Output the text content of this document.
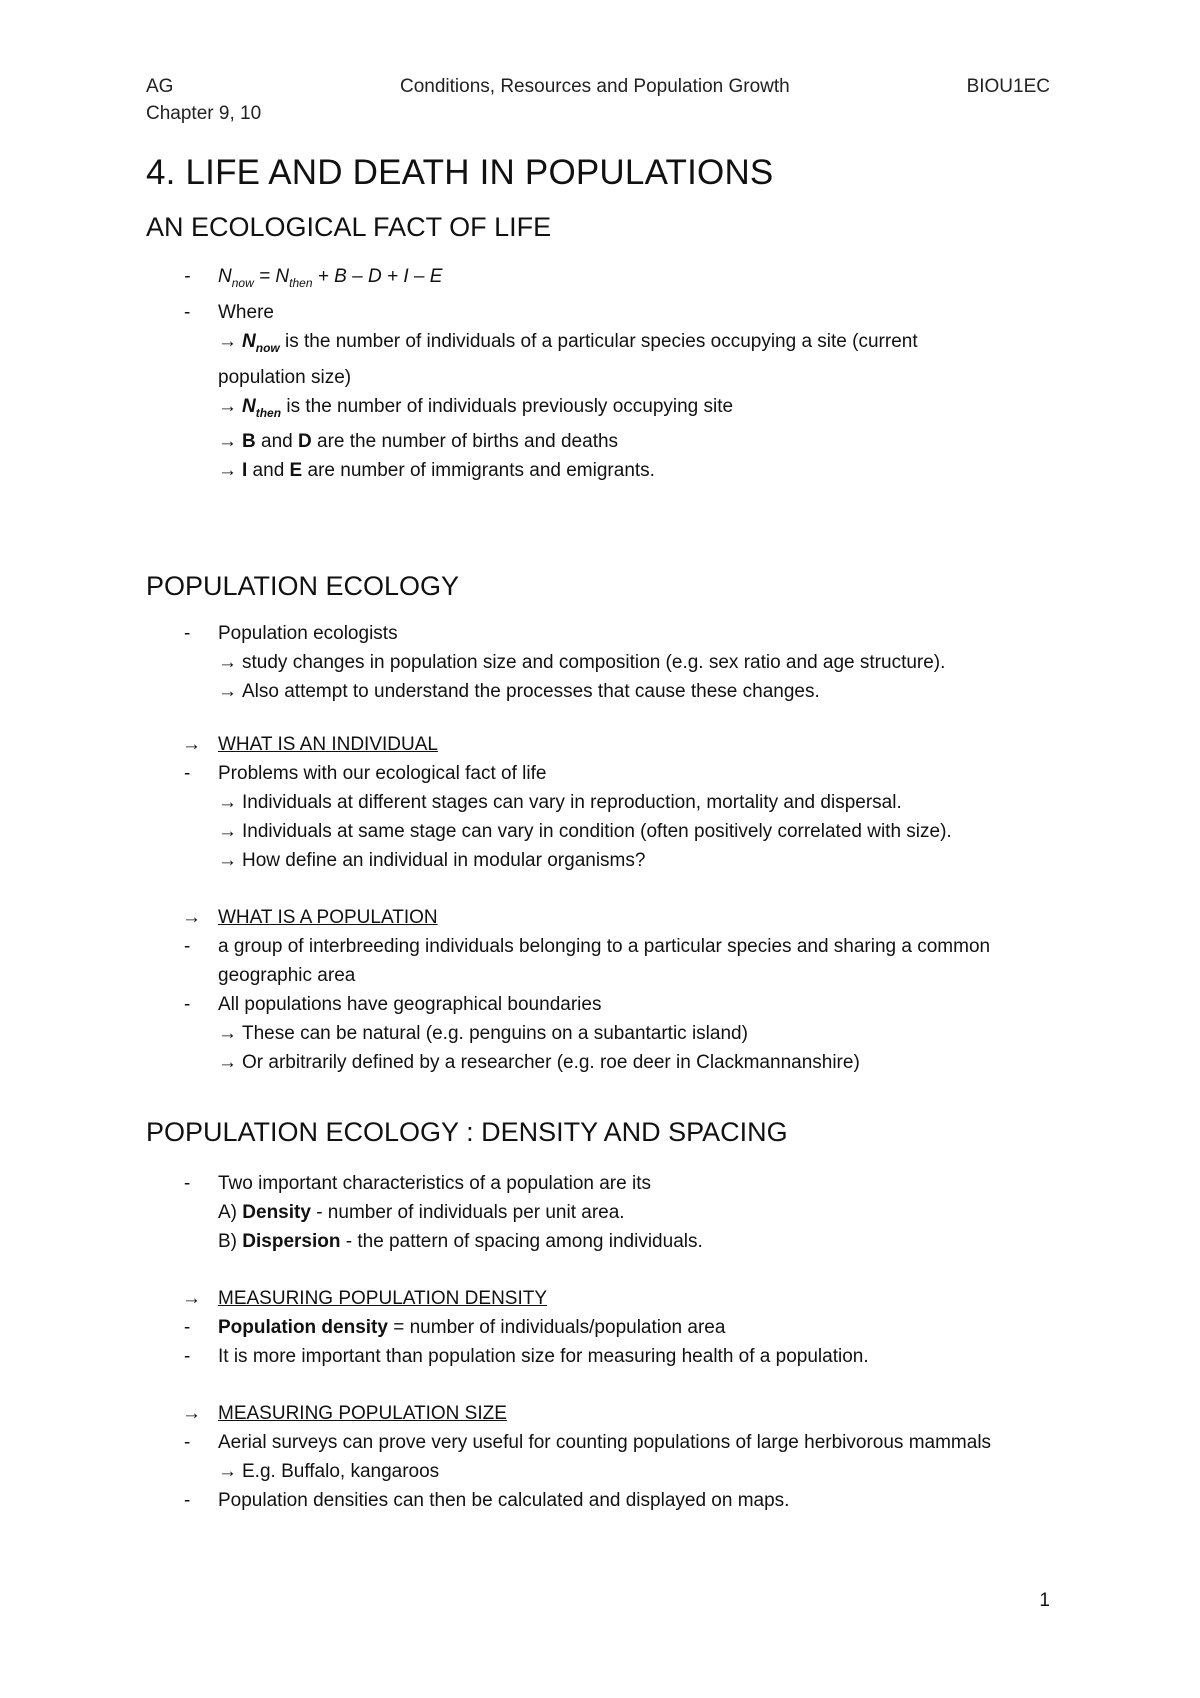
AG	Conditions, Resources and Population Growth	BIOU1EC
Chapter 9, 10
4. LIFE AND DEATH IN POPULATIONS
AN ECOLOGICAL FACT OF LIFE
- $N_{now} = N_{then} + B - D + I - E$
- Where
→ $N_{now}$ is the number of individuals of a particular species occupying a site (current
population size)
→ $N_{then}$ is the number of individuals previously occupying site
→ B and D are the number of births and deaths
→ I and E are number of immigrants and emigrants.
POPULATION ECOLOGY
- Population ecologists
→ study changes in population size and composition (e.g. sex ratio and age structure).
→ Also attempt to understand the processes that cause these changes.
→ WHAT IS AN INDIVIDUAL
- Problems with our ecological fact of life
→ Individuals at different stages can vary in reproduction, mortality and dispersal.
→ Individuals at same stage can vary in condition (often positively correlated with size).
→ How define an individual in modular organisms?
→ WHAT IS A POPULATION
- a group of interbreeding individuals belonging to a particular species and sharing a common
geographic area
- All populations have geographical boundaries
→ These can be natural (e.g. penguins on a subantartic island)
→ Or arbitrarily defined by a researcher (e.g. roe deer in Clackmannanshire)
POPULATION ECOLOGY : DENSITY AND SPACING
- Two important characteristics of a population are its
A) Density - number of individuals per unit area.
B) Dispersion - the pattern of spacing among individuals.
→ MEASURING POPULATION DENSITY
- Population density = number of individuals/population area
- It is more important than population size for measuring health of a population.
→ MEASURING POPULATION SIZE
- Aerial surveys can prove very useful for counting populations of large herbivorous mammals
→ E.g. Buffalo, kangaroos
- Population densities can then be calculated and displayed on maps.
1
